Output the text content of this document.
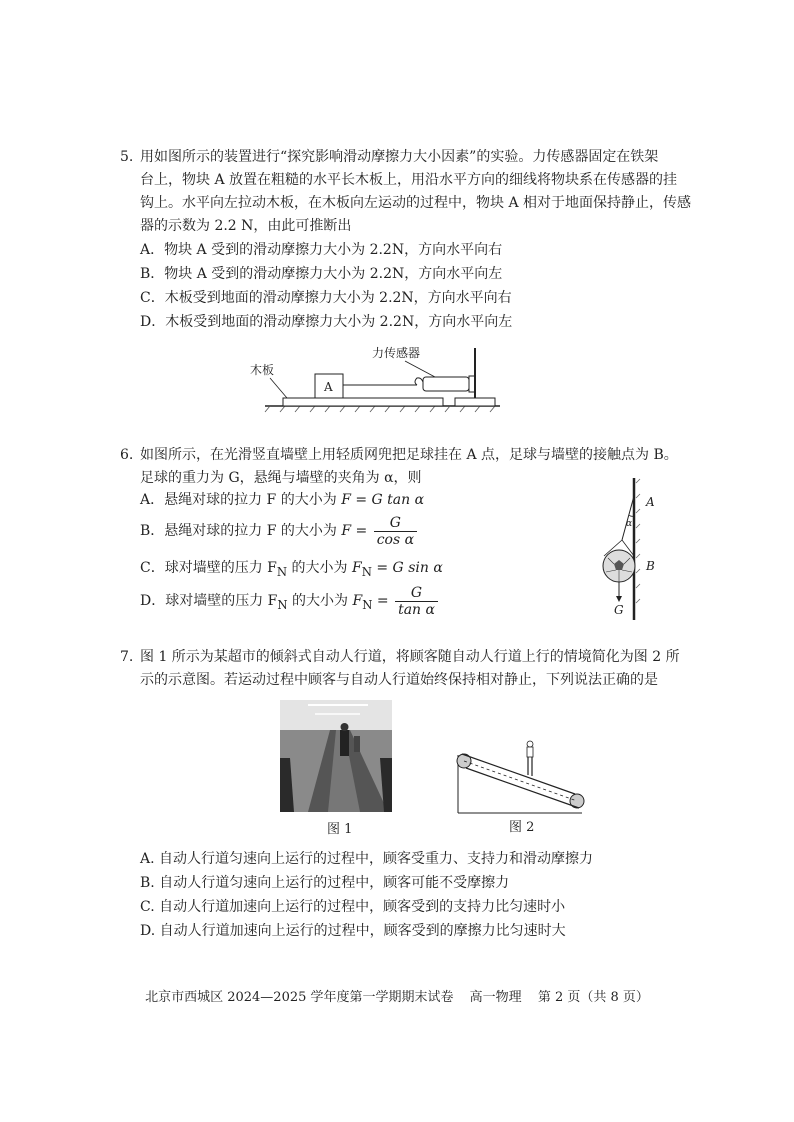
5. 用如图所示的装置进行“探究影响滑动摩擦力大小因素”的实验。力传感器固定在铁架
台上，物块 A 放置在粗糙的水平长木板上，用沿水平方向的细线将物块系在传感器的挂
钩上。水平向左拉动木板，在木板向左运动的过程中，物块 A 相对于地面保持静止，传感
器的示数为 2.2 N，由此可推断出
A．物块 A 受到的滑动摩擦力大小为 2.2N，方向水平向右
B．物块 A 受到的滑动摩擦力大小为 2.2N，方向水平向左
C．木板受到地面的滑动摩擦力大小为 2.2N，方向水平向右
D．木板受到地面的滑动摩擦力大小为 2.2N，方向水平向左
A
力传感器
木板
6. 如图所示，在光滑竖直墙壁上用轻质网兜把足球挂在 A 点，足球与墙壁的接触点为 B。
足球的重力为 G，悬绳与墙壁的夹角为 α，则
A．悬绳对球的拉力 F 的大小为 F = G tan α
B．悬绳对球的拉力 F 的大小为 $F = \frac{G}{\text{cos α}}$
C．球对墙壁的压力 $F_N$ 的大小为 $F_N = G$ sin α
D．球对墙壁的压力 $F_N$ 的大小为 $F_N = \frac{G}{\text{tan α}}$
A
α
B
G
7. 图 1 所示为某超市的倾斜式自动人行道，将顾客随自动人行道上行的情境简化为图 2 所
示的示意图。若运动过程中顾客与自动人行道始终保持相对静止，下列说法正确的是
图 1	图 2
A. 自动人行道匀速向上运行的过程中，顾客受重力、支持力和滑动摩擦力
B. 自动人行道匀速向上运行的过程中，顾客可能不受摩擦力
C. 自动人行道加速向上运行的过程中，顾客受到的支持力比匀速时小
D. 自动人行道加速向上运行的过程中，顾客受到的摩擦力比匀速时大
北京市西城区 2024—2025 学年度第一学期期末试卷 高一物理 第 2 页（共 8 页）
